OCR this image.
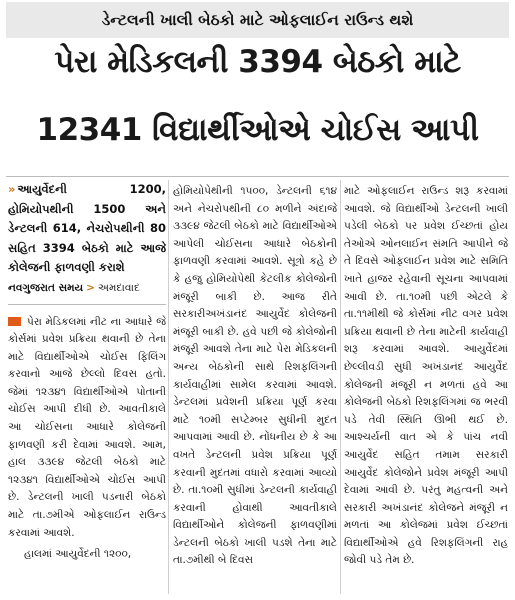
ડેન્ટલની ખાલી બેઠકો માટે ઓફલાઈન રાઉન્ડ થશે
પેરા મેડિકલની 3394 બેઠકો માટે
12341 વિદ્યાર્થીઓએ ચોઈસ આપી

» આયુર્વેદની 1200, હોમિયોપથીની 1500 અને ડેન્ટલની 614, નેચરોપથીની 80 સહિત 3394 બેઠકો માટે આજે કોલેજની ફાળવણી કરાશે

નવગુજરાત સમય > અમદાવાદ

પેરા મેડિકલમાં નીટ ના આધારે જે કોર્સમાં પ્રવેશ પ્રક્રિયા થવાની છે તેના માટે વિદ્યાર્થીઓએ ચોઈસ ફિલિંગ કરવાનો આજે છેલ્લો દિવસ હતો. જેમાં ૧૨૩૪૧ વિદ્યાર્થીઓએ પોતાની ચોઈસ આપી દીધી છે. આવતીકાલે આ ચોઈસના આધારે કોલેજની ફાળવણી કરી દેવામાં આવશે. આમ, હાલ ૩૩૯૪ જેટલી બેઠકો માટે ૧૨૩૪૧ વિદ્યાર્થીઓએ ચોઈસ આપી છે. ડેન્ટલની ખાલી પડનારી બેઠકો માટે તા.૭મીએ ઓફલાઈન રાઉન્ડ કરવામાં આવશે.

હાલમાં આયુર્વેદની ૧૨૦૦,

હોમિયોપેથીની ૧૫૦૦, ડેન્ટલની ૬૧૪ અને નેચરોપથીની ૮૦ મળીને અંદાજે ૩૩૯૪ જેટલી બેઠકો માટે વિદ્યાર્થીઓએ આપેલી ચોઈસના આધારે બેઠકોની ફાળવણી કરવામાં આવશે. સૂત્રો કહે છે કે હજુ હોમિયોપેથી કેટલીક કોલેજોની મંજૂરી બાકી છે. આજ રીતે સરકારીઅખંડાનંદ આયુર્વેદ કોલેજની મંજૂરી બાકી છે. હવે પછી જે કોલેજોની મંજૂરી આવશે તેના માટે પેરા મેડિકલની અન્ય બેઠકોની સાથે રિશફલિંગની કાર્યવાહીમાં સામેલ કરવામાં આવશે. ડેન્ટલમાં પ્રવેશની પ્રક્રિયા પૂર્ણ કરવા માટે ૧૦મી સપ્ટેમ્બર સુધીની મુદત આપવામાં આવી છે. નોંધનીય છે કે આ વખતે ડેન્ટલની પ્રવેશ પ્રક્રિયા પૂર્ણ કરવાની મુદતમાં વધારો કરવામાં આવ્યો છે. તા.૧૦મી સુધીમાં ડેન્ટલની કાર્યવાહી કરવાની હોવાથી આવતીકાલે વિદ્યાર્થીઓને કોલેજની ફાળવણીમાં ડેન્ટલની બેઠકો ખાલી પડશે તેના માટે તા.૭મીથી બે દિવસ

માટે ઓફલાઈન રાઉન્ડ શરૂ કરવામાં આવશે. જે વિદ્યાર્થીઓ ડેન્ટલની ખાલી પડેલી બેઠકો પર પ્રવેશ ઈચ્છતાં હોય તેઓએ ઓનલાઈન સંમતિ આપીને જે તે દિવસે ઓફલાઈન પ્રવેશ માટે સમિતિ ખાતે હાજર રહેવાની સૂચના આપવામાં આવી છે. તા.૧૦મી પછી એટલે કે તા.૧૧મીથી જે કોર્સમાં નીટ વગર પ્રવેશ પ્રક્રિયા થવાની છે તેના માટેની કાર્યવાહી શરૂ કરવામાં આવશે. આયુર્વેદમાં છેલ્લીવડી સુધી અખંડાનંદ આયુર્વેદ કોલેજની મંજૂરી ન મળતાં હવે આ કોલેજની બેઠકો રિશફલિંગમાં જ ભરવી પડે તેવી સ્થિતિ ઊભી થઈ છે. આશ્ચર્યની વાત એ કે પાંચ નવી આયુર્વેદ સહિત તમામ સરકારી આયુર્વેદ કોલેજોને પ્રવેશ મંજૂરી આપી દેવામાં આવી છે. પરંતુ મહત્વની અને સરકારી અખંડાનંદ કોલેજને મંજૂરી ન મળતાં આ કોલેજમાં પ્રવેશ ઈચ્છતાં વિદ્યાર્થીઓએ હવે રિશફલિંગની રાહ જોવી પડે તેમ છે.
